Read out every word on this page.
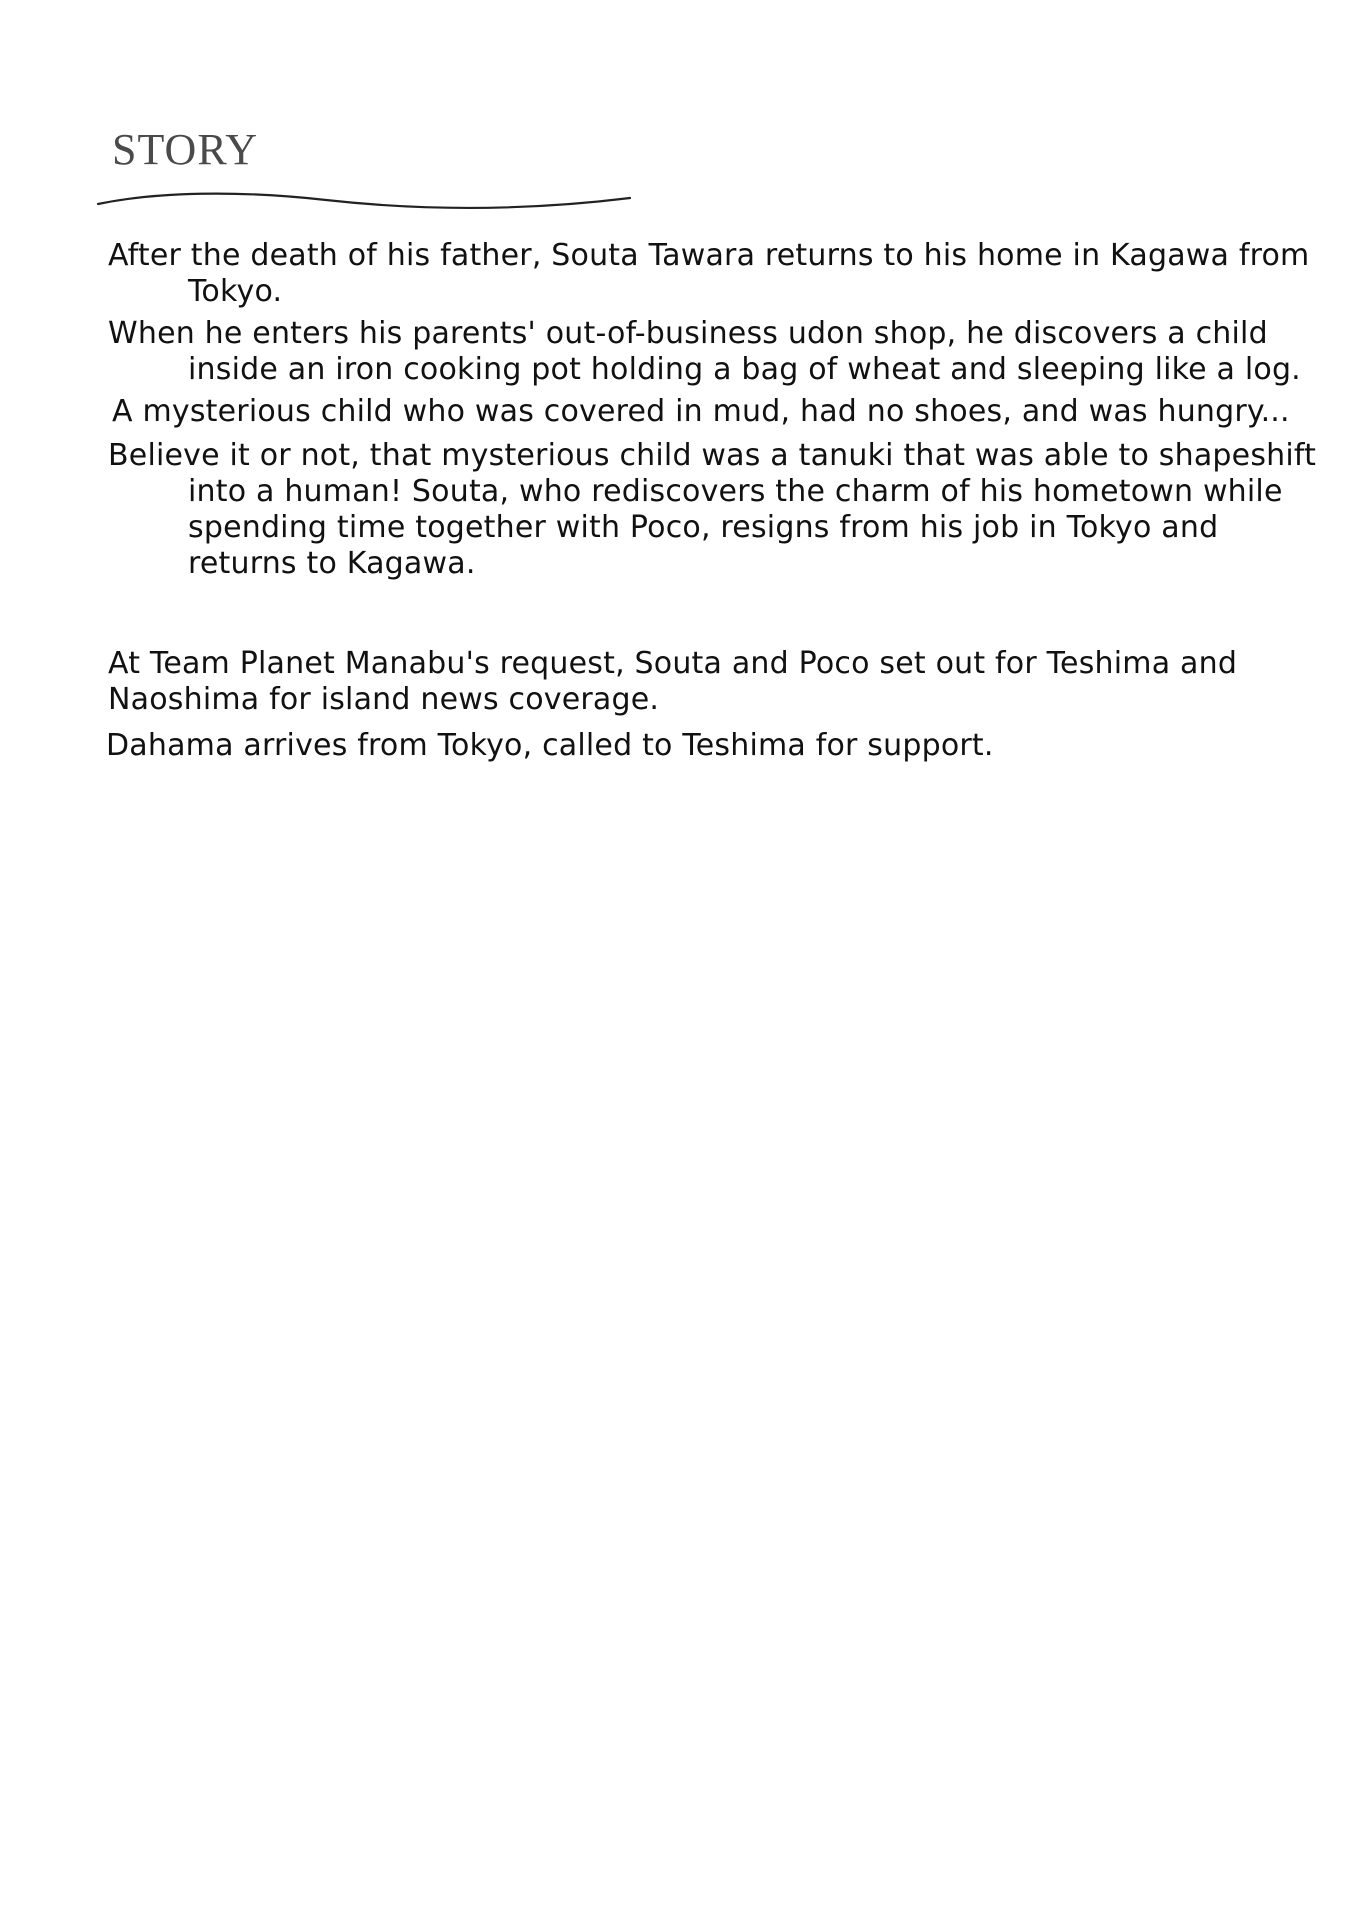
STORY

After the death of his father, Souta Tawara returns to his home in Kagawa from Tokyo.

When he enters his parents' out-of-business udon shop, he discovers a child inside an iron cooking pot holding a bag of wheat and sleeping like a log.

A mysterious child who was covered in mud, had no shoes, and was hungry...

Believe it or not, that mysterious child was a tanuki that was able to shapeshift into a human! Souta, who rediscovers the charm of his hometown while spending time together with Poco, resigns from his job in Tokyo and returns to Kagawa.

At Team Planet Manabu's request, Souta and Poco set out for Teshima and Naoshima for island news coverage.

Dahama arrives from Tokyo, called to Teshima for support.
